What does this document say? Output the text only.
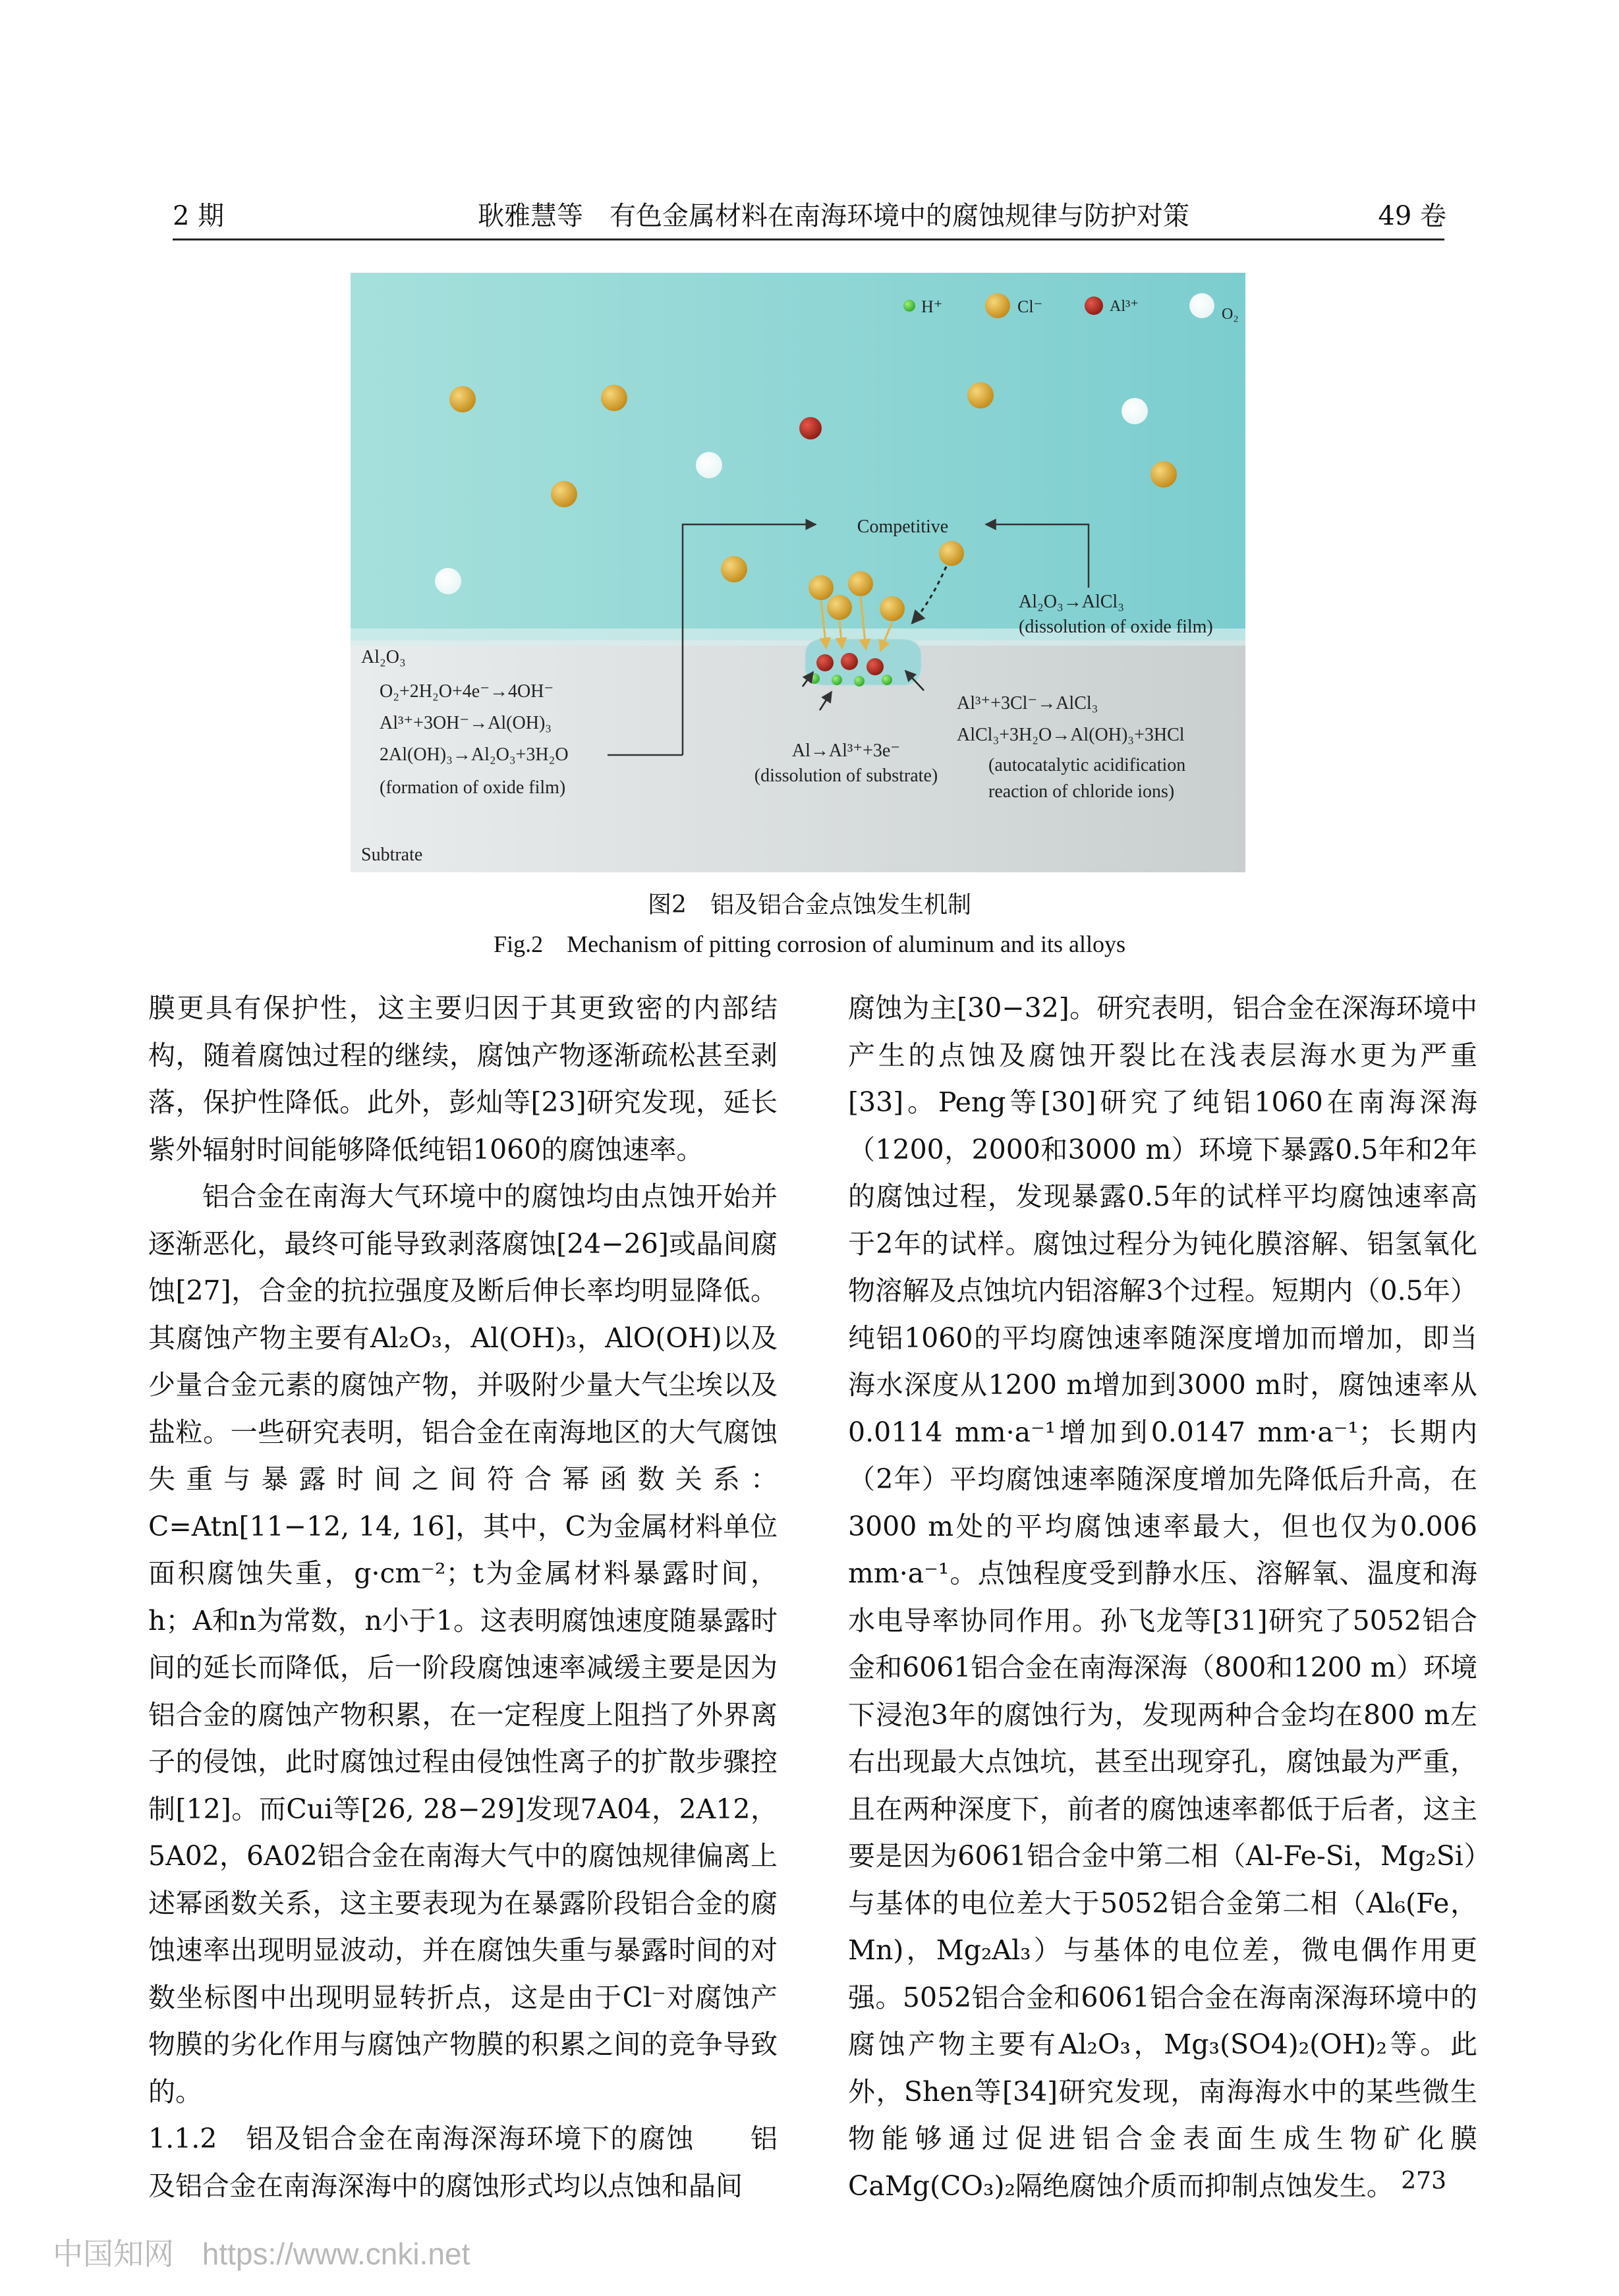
2 期	耿雅慧等　有色金属材料在南海环境中的腐蚀规律与防护对策	49 卷
H⁺	Cl⁻	Al³⁺	O₂
Competitive
Al₂O₃→AlCl₃
(dissolution of oxide film)
Al₂O₃
O₂+2H₂O+4e⁻→4OH⁻
Al³⁺+3OH⁻→Al(OH)₃
2Al(OH)₃→Al₂O₃+3H₂O
(formation of oxide film)
Al→Al³⁺+3e⁻
(dissolution of substrate)
Al³⁺+3Cl⁻→AlCl₃
AlCl₃+3H₂O→Al(OH)₃+3HCl
(autocatalytic acidification
reaction of chloride ions)
Subtrate
图2　铝及铝合金点蚀发生机制
Fig.2　Mechanism of pitting corrosion of aluminum and its alloys

膜更具有保护性，这主要归因于其更致密的内部结构，随着腐蚀过程的继续，腐蚀产物逐渐疏松甚至剥落，保护性降低。此外，彭灿等[23]研究发现，延长紫外辐射时间能够降低纯铝1060的腐蚀速率。

铝合金在南海大气环境中的腐蚀均由点蚀开始并逐渐恶化，最终可能导致剥落腐蚀[24−26]或晶间腐蚀[27]，合金的抗拉强度及断后伸长率均明显降低。其腐蚀产物主要有Al₂O₃，Al(OH)₃，AlO(OH)以及少量合金元素的腐蚀产物，并吸附少量大气尘埃以及盐粒。一些研究表明，铝合金在南海地区的大气腐蚀失重与暴露时间之间符合幂函数关系：C=Atn[11−12, 14, 16]，其中，C为金属材料单位面积腐蚀失重，g·cm⁻²；t为金属材料暴露时间，h；A和n为常数，n小于1。这表明腐蚀速度随暴露时间的延长而降低，后一阶段腐蚀速率减缓主要是因为铝合金的腐蚀产物积累，在一定程度上阻挡了外界离子的侵蚀，此时腐蚀过程由侵蚀性离子的扩散步骤控制[12]。而Cui等[26, 28−29]发现7A04，2A12，5A02，6A02铝合金在南海大气中的腐蚀规律偏离上述幂函数关系，这主要表现为在暴露阶段铝合金的腐蚀速率出现明显波动，并在腐蚀失重与暴露时间的对数坐标图中出现明显转折点，这是由于Cl⁻对腐蚀产物膜的劣化作用与腐蚀产物膜的积累之间的竞争导致的。

1.1.2　铝及铝合金在南海深海环境下的腐蚀　　铝及铝合金在南海深海中的腐蚀形式均以点蚀和晶间

腐蚀为主[30−32]。研究表明，铝合金在深海环境中产生的点蚀及腐蚀开裂比在浅表层海水更为严重[33]。Peng等[30]研究了纯铝1060在南海深海（1200，2000和3000 m）环境下暴露0.5年和2年的腐蚀过程，发现暴露0.5年的试样平均腐蚀速率高于2年的试样。腐蚀过程分为钝化膜溶解、铝氢氧化物溶解及点蚀坑内铝溶解3个过程。短期内（0.5年）纯铝1060的平均腐蚀速率随深度增加而增加，即当海水深度从1200 m增加到3000 m时，腐蚀速率从0.0114 mm·a⁻¹增加到0.0147 mm·a⁻¹；长期内（2年）平均腐蚀速率随深度增加先降低后升高，在3000 m处的平均腐蚀速率最大，但也仅为0.006 mm·a⁻¹。点蚀程度受到静水压、溶解氧、温度和海水电导率协同作用。孙飞龙等[31]研究了5052铝合金和6061铝合金在南海深海（800和1200 m）环境下浸泡3年的腐蚀行为，发现两种合金均在800 m左右出现最大点蚀坑，甚至出现穿孔，腐蚀最为严重，且在两种深度下，前者的腐蚀速率都低于后者，这主要是因为6061铝合金中第二相（Al-Fe-Si，Mg₂Si）与基体的电位差大于5052铝合金第二相（Al₆(Fe，Mn)，Mg₂Al₃）与基体的电位差，微电偶作用更强。5052铝合金和6061铝合金在海南深海环境中的腐蚀产物主要有Al₂O₃，Mg₃(SO4)₂(OH)₂等。此外，Shen等[34]研究发现，南海海水中的某些微生物能够通过促进铝合金表面生成生物矿化膜CaMg(CO₃)₂隔绝腐蚀介质而抑制点蚀发生。 273
中国知网 https://www.cnki.net
